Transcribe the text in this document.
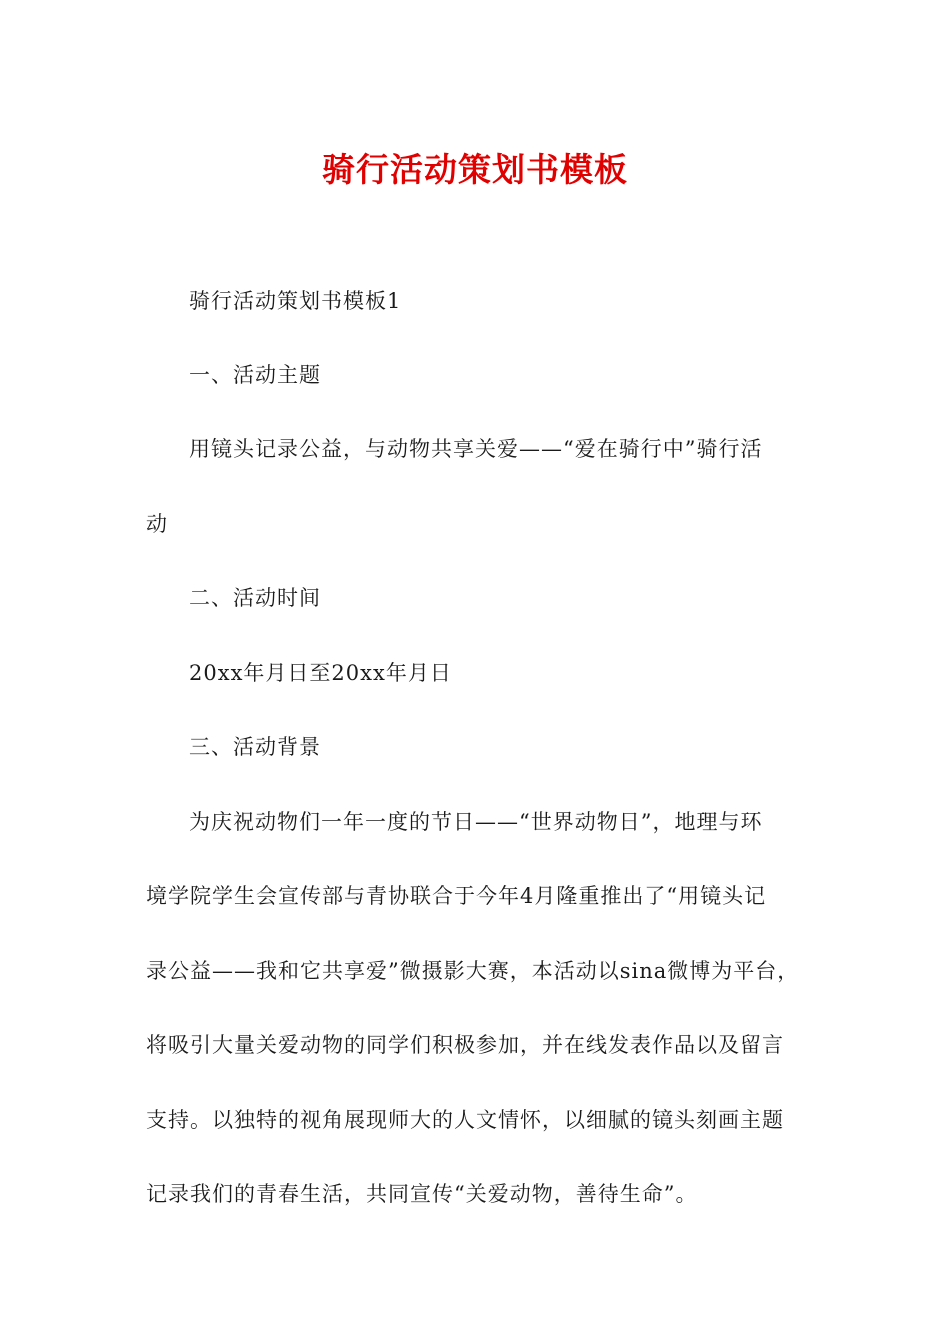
骑行活动策划书模板
骑行活动策划书模板1
一、活动主题
用镜头记录公益，与动物共享关爱——“爱在骑行中”骑行活
动
二、活动时间
20xx年月日至20xx年月日
三、活动背景
为庆祝动物们一年一度的节日——“世界动物日”，地理与环
境学院学生会宣传部与青协联合于今年4月隆重推出了“用镜头记
录公益——我和它共享爱”微摄影大赛，本活动以sina微博为平台，
将吸引大量关爱动物的同学们积极参加，并在线发表作品以及留言
支持。以独特的视角展现师大的人文情怀，以细腻的镜头刻画主题
记录我们的青春生活，共同宣传“关爱动物，善待生命”。
